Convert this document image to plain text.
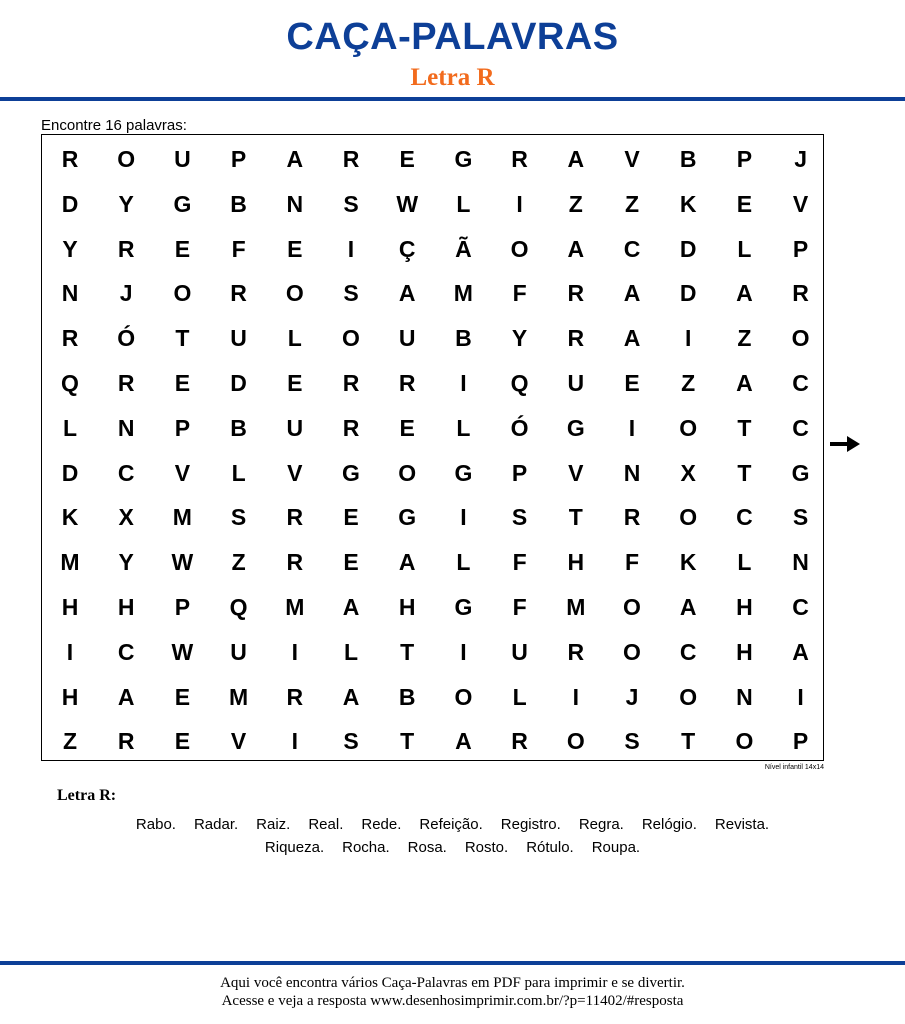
CAÇA-PALAVRAS
Letra R
Encontre 16 palavras:
R	O	U	P	A	R	E	G	R	A	V	B	P	J
D	Y	G	B	N	S	W	L	I	Z	Z	K	E	V
Y	R	E	F	E	I	Ç	Ã	O	A	C	D	L	P
N	J	O	R	O	S	A	M	F	R	A	D	A	R
R	Ó	T	U	L	O	U	B	Y	R	A	I	Z	O
Q	R	E	D	E	R	R	I	Q	U	E	Z	A	C
L	N	P	B	U	R	E	L	Ó	G	I	O	T	C
D	C	V	L	V	G	O	G	P	V	N	X	T	G
K	X	M	S	R	E	G	I	S	T	R	O	C	S
M	Y	W	Z	R	E	A	L	F	H	F	K	L	N
H	H	P	Q	M	A	H	G	F	M	O	A	H	C
I	C	W	U	I	L	T	I	U	R	O	C	H	A
H	A	E	M	R	A	B	O	L	I	J	O	N	I
Z	R	E	V	I	S	T	A	R	O	S	T	O	P
Nível infantil 14x14
Letra R:
Rabo. Radar. Raiz. Real. Rede. Refeição. Registro. Regra. Relógio. Revista.
Riqueza. Rocha. Rosa. Rosto. Rótulo. Roupa.
Aqui você encontra vários Caça-Palavras em PDF para imprimir e se divertir.
Acesse e veja a resposta www.desenhosimprimir.com.br/?p=11402/#resposta
